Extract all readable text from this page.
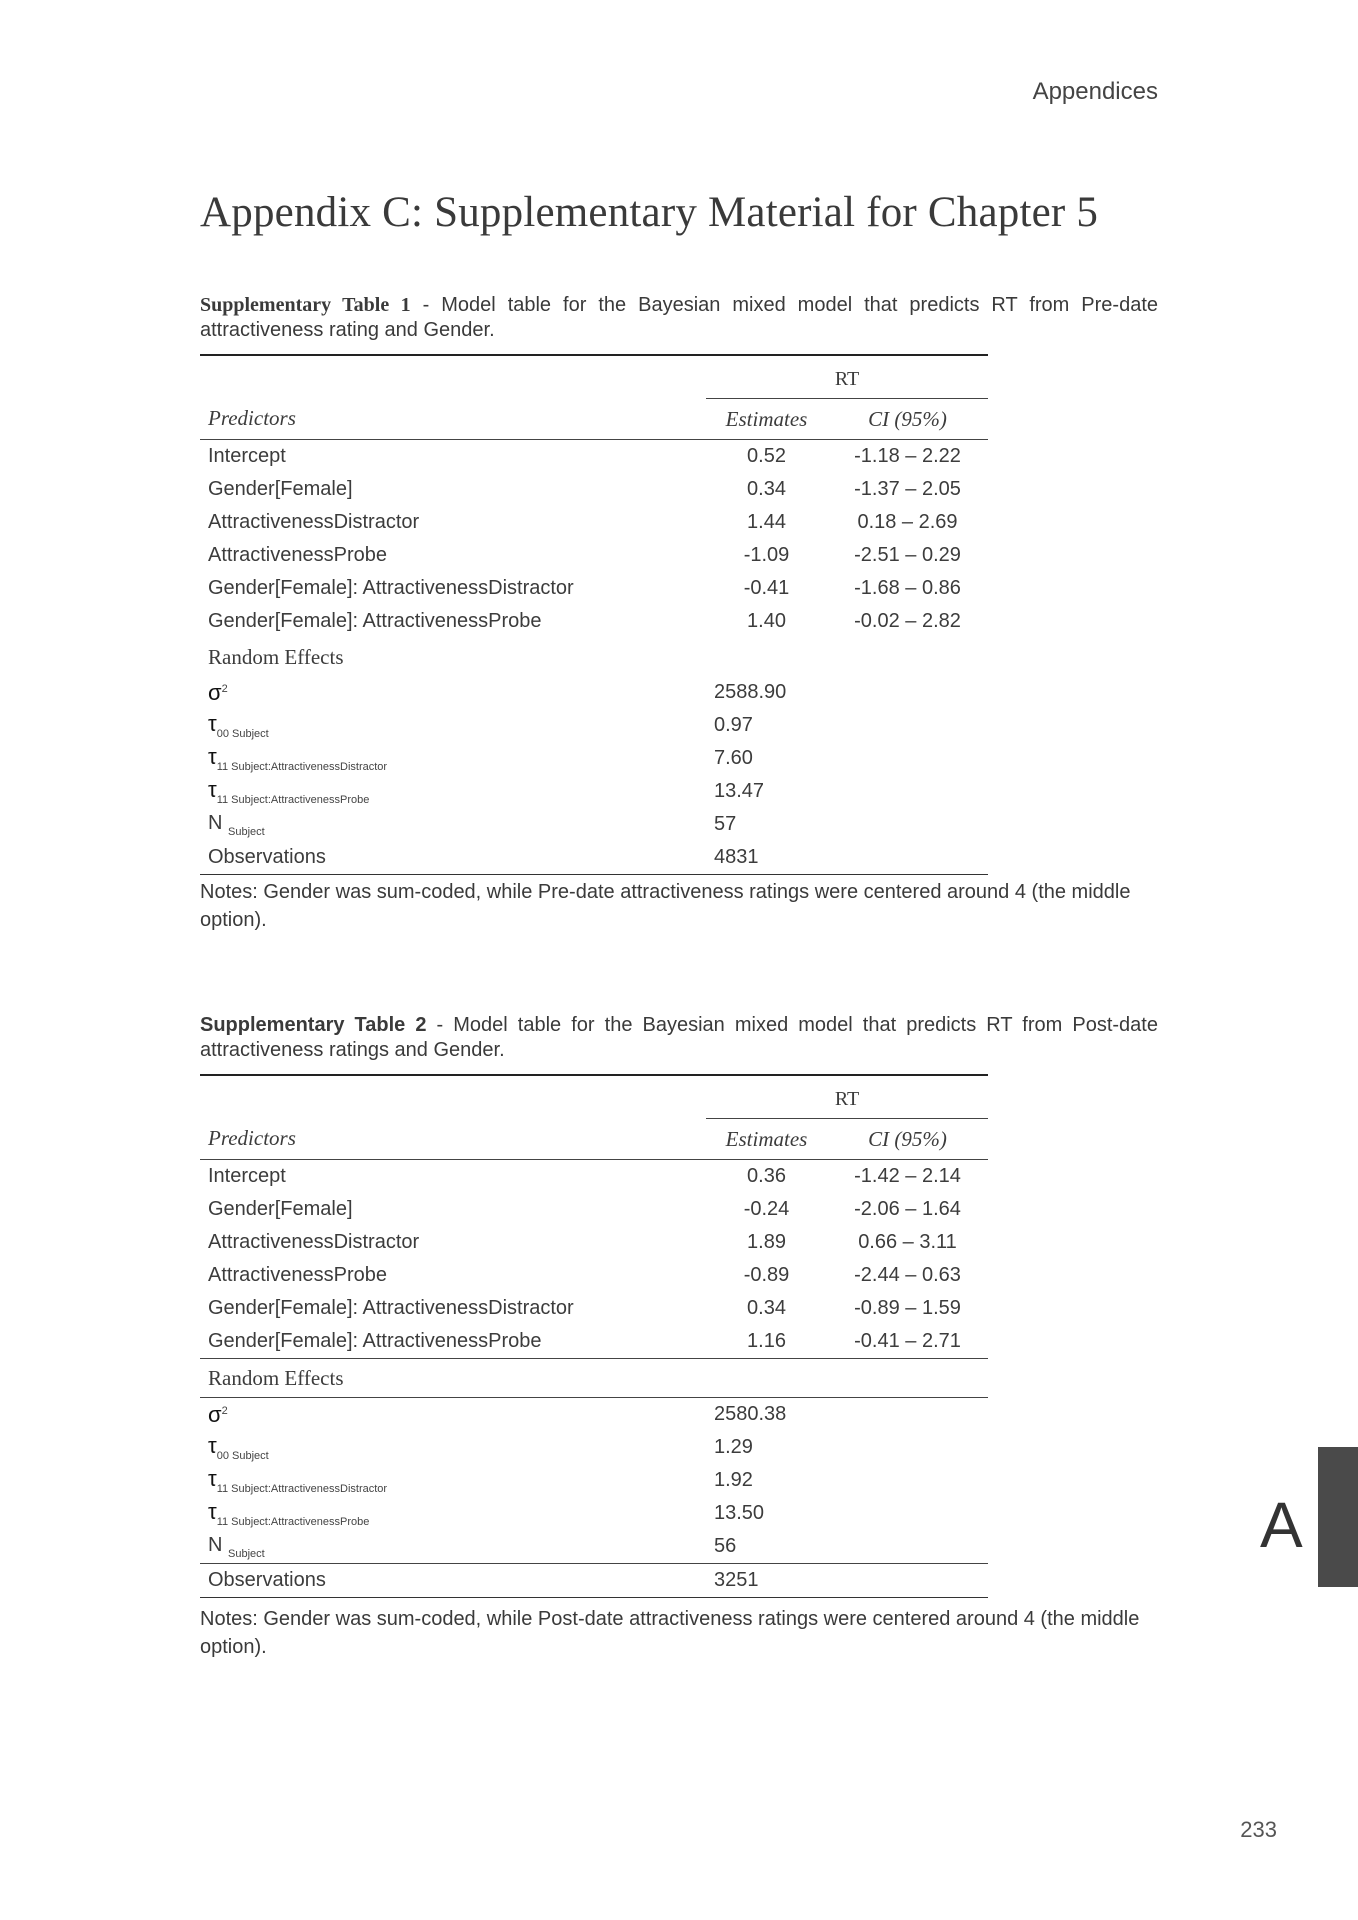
Appendices
Appendix C: Supplementary Material for Chapter 5
Supplementary Table 1 - Model table for the Bayesian mixed model that predicts RT from Pre-date attractiveness rating and Gender.
	RT	
Predictors	Estimates	CI (95%)
Intercept	0.52	-1.18 – 2.22
Gender[Female]	0.34	-1.37 – 2.05
AttractivenessDistractor	1.44	0.18 – 2.69
AttractivenessProbe	-1.09	-2.51 – 0.29
Gender[Female]: AttractivenessDistractor	-0.41	-1.68 – 0.86
Gender[Female]: AttractivenessProbe	1.40	-0.02 – 2.82
Random Effects		
$\sigma^2$	2588.90	
$\tau_{00 Subject}$	0.97	
$\tau_{11 Subject:AttractivenessDistractor}$	7.60	
$\tau_{11 Subject:AttractivenessProbe}$	13.47	
N $_{Subject}$	57	
Observations	4831	
Notes: Gender was sum-coded, while Pre-date attractiveness ratings were centered around 4 (the middle option).
Supplementary Table 2 - Model table for the Bayesian mixed model that predicts RT from Post-date attractiveness ratings and Gender.
	RT	
Predictors	Estimates	CI (95%)
Intercept	0.36	-1.42 – 2.14
Gender[Female]	-0.24	-2.06 – 1.64
AttractivenessDistractor	1.89	0.66 – 3.11
AttractivenessProbe	-0.89	-2.44 – 0.63
Gender[Female]: AttractivenessDistractor	0.34	-0.89 – 1.59
Gender[Female]: AttractivenessProbe	1.16	-0.41 – 2.71
Random Effects		
$\sigma^2$	2580.38	
$\tau_{00 Subject}$	1.29	
$\tau_{11 Subject:AttractivenessDistractor}$	1.92	
$\tau_{11 Subject:AttractivenessProbe}$	13.50	
N $_{Subject}$	56	
Observations	3251	
Notes: Gender was sum-coded, while Post-date attractiveness ratings were centered around 4 (the middle option).
A
233
